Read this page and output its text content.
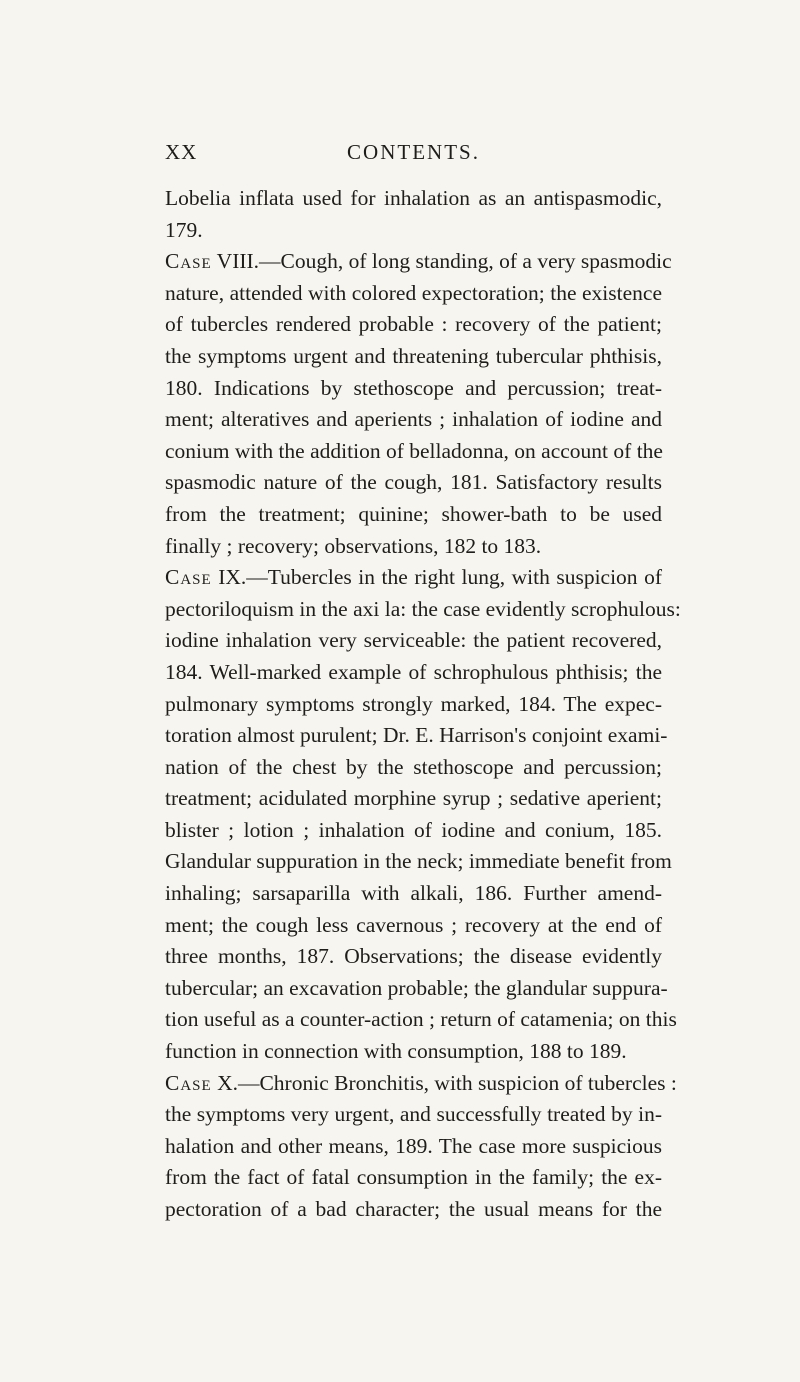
XX	CONTENTS.
Lobelia inflata used for inhalation as an antispasmodic,
179.
Case VIII.—Cough, of long standing, of a very spasmodic
nature, attended with colored expectoration; the existence
of tubercles rendered probable : recovery of the patient;
the symptoms urgent and threatening tubercular phthisis,
180. Indications by stethoscope and percussion; treat-
ment; alteratives and aperients ; inhalation of iodine and
conium with the addition of belladonna, on account of the
spasmodic nature of the cough, 181. Satisfactory results
from the treatment; quinine; shower-bath to be used
finally ; recovery; observations, 182 to 183.
Case IX.—Tubercles in the right lung, with suspicion of
pectoriloquism in the axi la: the case evidently scrophulous:
iodine inhalation very serviceable: the patient recovered,
184. Well-marked example of schrophulous phthisis; the
pulmonary symptoms strongly marked, 184. The expec-
toration almost purulent; Dr. E. Harrison's conjoint exami-
nation of the chest by the stethoscope and percussion;
treatment; acidulated morphine syrup ; sedative aperient;
blister ; lotion ; inhalation of iodine and conium, 185.
Glandular suppuration in the neck; immediate benefit from
inhaling; sarsaparilla with alkali, 186. Further amend-
ment; the cough less cavernous ; recovery at the end of
three months, 187. Observations; the disease evidently
tubercular; an excavation probable; the glandular suppura-
tion useful as a counter-action ; return of catamenia; on this
function in connection with consumption, 188 to 189.
Case X.—Chronic Bronchitis, with suspicion of tubercles :
the symptoms very urgent, and successfully treated by in-
halation and other means, 189. The case more suspicious
from the fact of fatal consumption in the family; the ex-
pectoration of a bad character; the usual means for the
